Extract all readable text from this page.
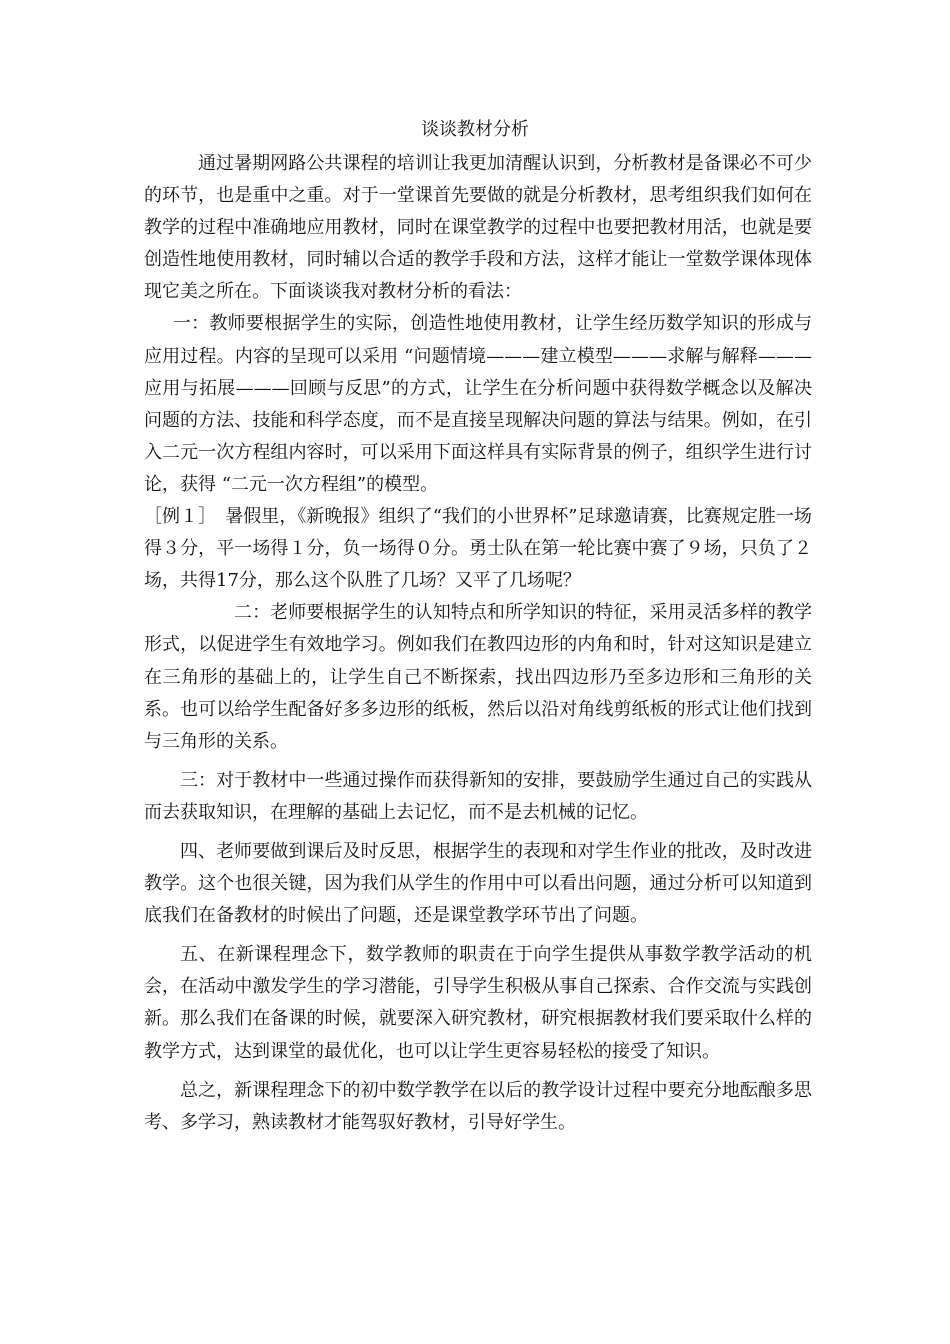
谈谈教材分析

通过暑期网路公共课程的培训让我更加清醒认识到，分析教材是备课必不可少的环节，也是重中之重。对于一堂课首先要做的就是分析教材，思考组织我们如何在教学的过程中准确地应用教材，同时在课堂教学的过程中也要把教材用活，也就是要创造性地使用教材，同时辅以合适的教学手段和方法，这样才能让一堂数学课体现体现它美之所在。下面谈谈我对教材分析的看法：

一：教师要根据学生的实际，创造性地使用教材，让学生经历数学知识的形成与应用过程。内容的呈现可以采用 “问题情境———建立模型———求解与解释———应用与拓展———回顾与反思”的方式，让学生在分析问题中获得数学概念以及解决问题的方法、技能和科学态度，而不是直接呈现解决问题的算法与结果。例如，在引入二元一次方程组内容时，可以采用下面这样具有实际背景的例子，组织学生进行讨论，获得 “二元一次方程组”的模型。

［例１］　暑假里，《新晚报》组织了“我们的小世界杯”足球邀请赛，比赛规定胜一场得３分，平一场得１分，负一场得０分。勇士队在第一轮比赛中赛了９场，只负了２场，共得17分，那么这个队胜了几场？又平了几场呢？

二：老师要根据学生的认知特点和所学知识的特征，采用灵活多样的教学形式，以促进学生有效地学习。例如我们在教四边形的内角和时，针对这知识是建立在三角形的基础上的，让学生自己不断探索，找出四边形乃至多边形和三角形的关系。也可以给学生配备好多多边形的纸板，然后以沿对角线剪纸板的形式让他们找到与三角形的关系。

三：对于教材中一些通过操作而获得新知的安排，要鼓励学生通过自己的实践从而去获取知识，在理解的基础上去记忆，而不是去机械的记忆。

四、老师要做到课后及时反思，根据学生的表现和对学生作业的批改，及时改进教学。这个也很关键，因为我们从学生的作用中可以看出问题，通过分析可以知道到底我们在备教材的时候出了问题，还是课堂教学环节出了问题。

五、在新课程理念下，数学教师的职责在于向学生提供从事数学教学活动的机会，在活动中激发学生的学习潜能，引导学生积极从事自己探索、合作交流与实践创新。那么我们在备课的时候，就要深入研究教材，研究根据教材我们要采取什么样的教学方式，达到课堂的最优化，也可以让学生更容易轻松的接受了知识。

总之，新课程理念下的初中数学教学在以后的教学设计过程中要充分地酝酿多思考、多学习，熟读教材才能驾驭好教材，引导好学生。
